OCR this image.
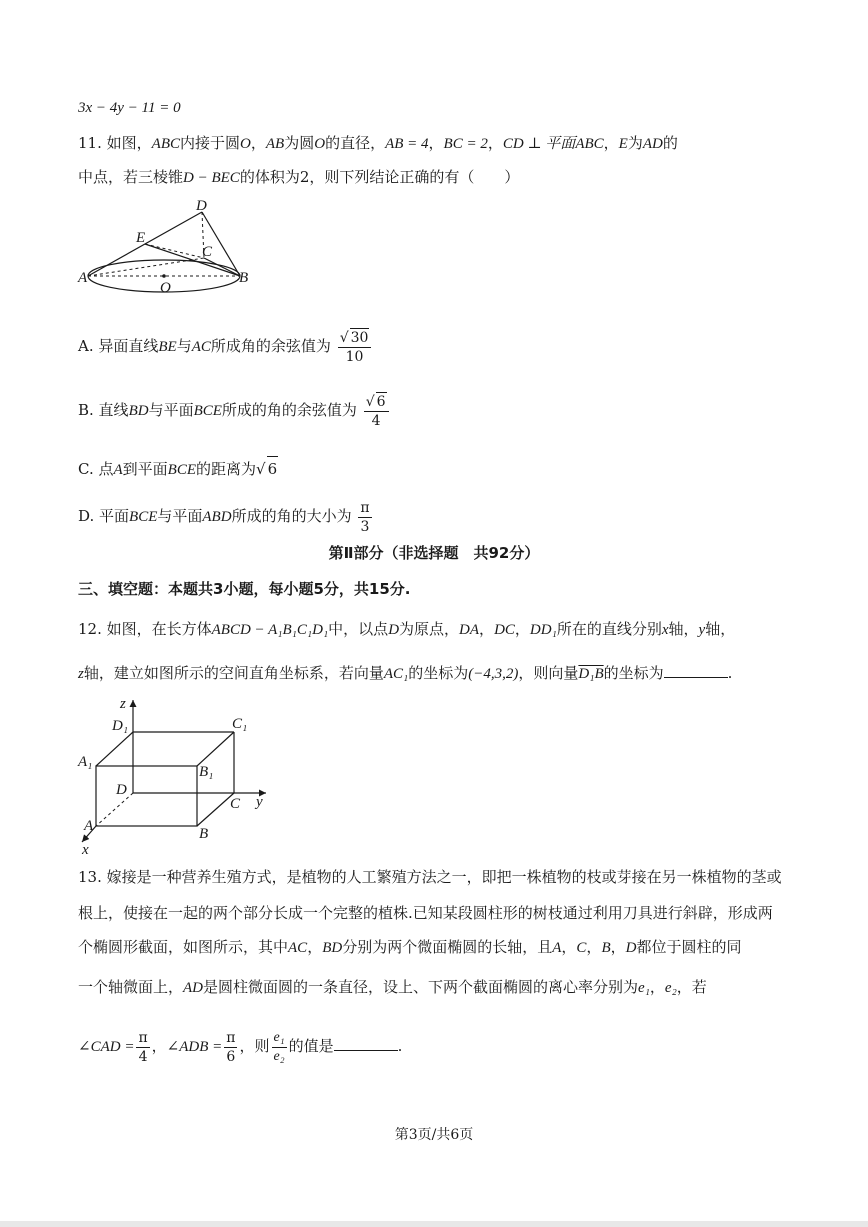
3x − 4y − 11 = 0
11. 如图，ABC内接于圆O，AB为圆O的直径，AB = 4，BC = 2，CD ⊥ 平面ABC，E为AD的
中点，若三棱锥D − BEC的体积为2，则下列结论正确的有（　　）
D
E
C
A	B
O
A. 异面直线BE与AC所成角的余弦值为 $\frac{√ 30}{10}$
B. 直线BD与平面BCE所成的角的余弦值为 $\frac{√ 6}{4}$
C. 点A到平面BCE的距离为√ 6
D. 平面BCE与平面ABD所成的角的大小为 $\frac{\pi}{3}$
第Ⅱ部分（非选择题　共92分）
三、填空题：本题共3小题，每小题5分，共15分.
12. 如图，在长方体ABCD − A₁B₁C₁D₁中，以点D为原点，DA，DC，DD₁所在的直线分别x轴，y轴，
z轴，建立如图所示的空间直角坐标系，若向量AC₁的坐标为(−4,3,2)，则向量D₁B的坐标为	.
z
D₁	C₁
A₁
B₁
D
C y
A	B
x
13. 嫁接是一种营养生殖方式，是植物的人工繁殖方法之一，即把一株植物的枝或芽接在另一株植物的茎或
根上，使接在一起的两个部分长成一个完整的植株.已知某段圆柱形的树枝通过利用刀具进行斜辟，形成两
个椭圆形截面，如图所示，其中AC，BD分别为两个微面椭圆的长轴，且A，C，B，D都位于圆柱的同
一个轴微面上，AD是圆柱微面圆的一条直径，设上、下两个截面椭圆的离心率分别为e₁，e₂，若
∠CAD = $\frac{\pi}{4}$ ，∠ADB = $\frac{\pi}{6}$ ，则 $\frac{\text{e₁}}{\text{e₂}}$ 的值是	.
第3页/共6页
